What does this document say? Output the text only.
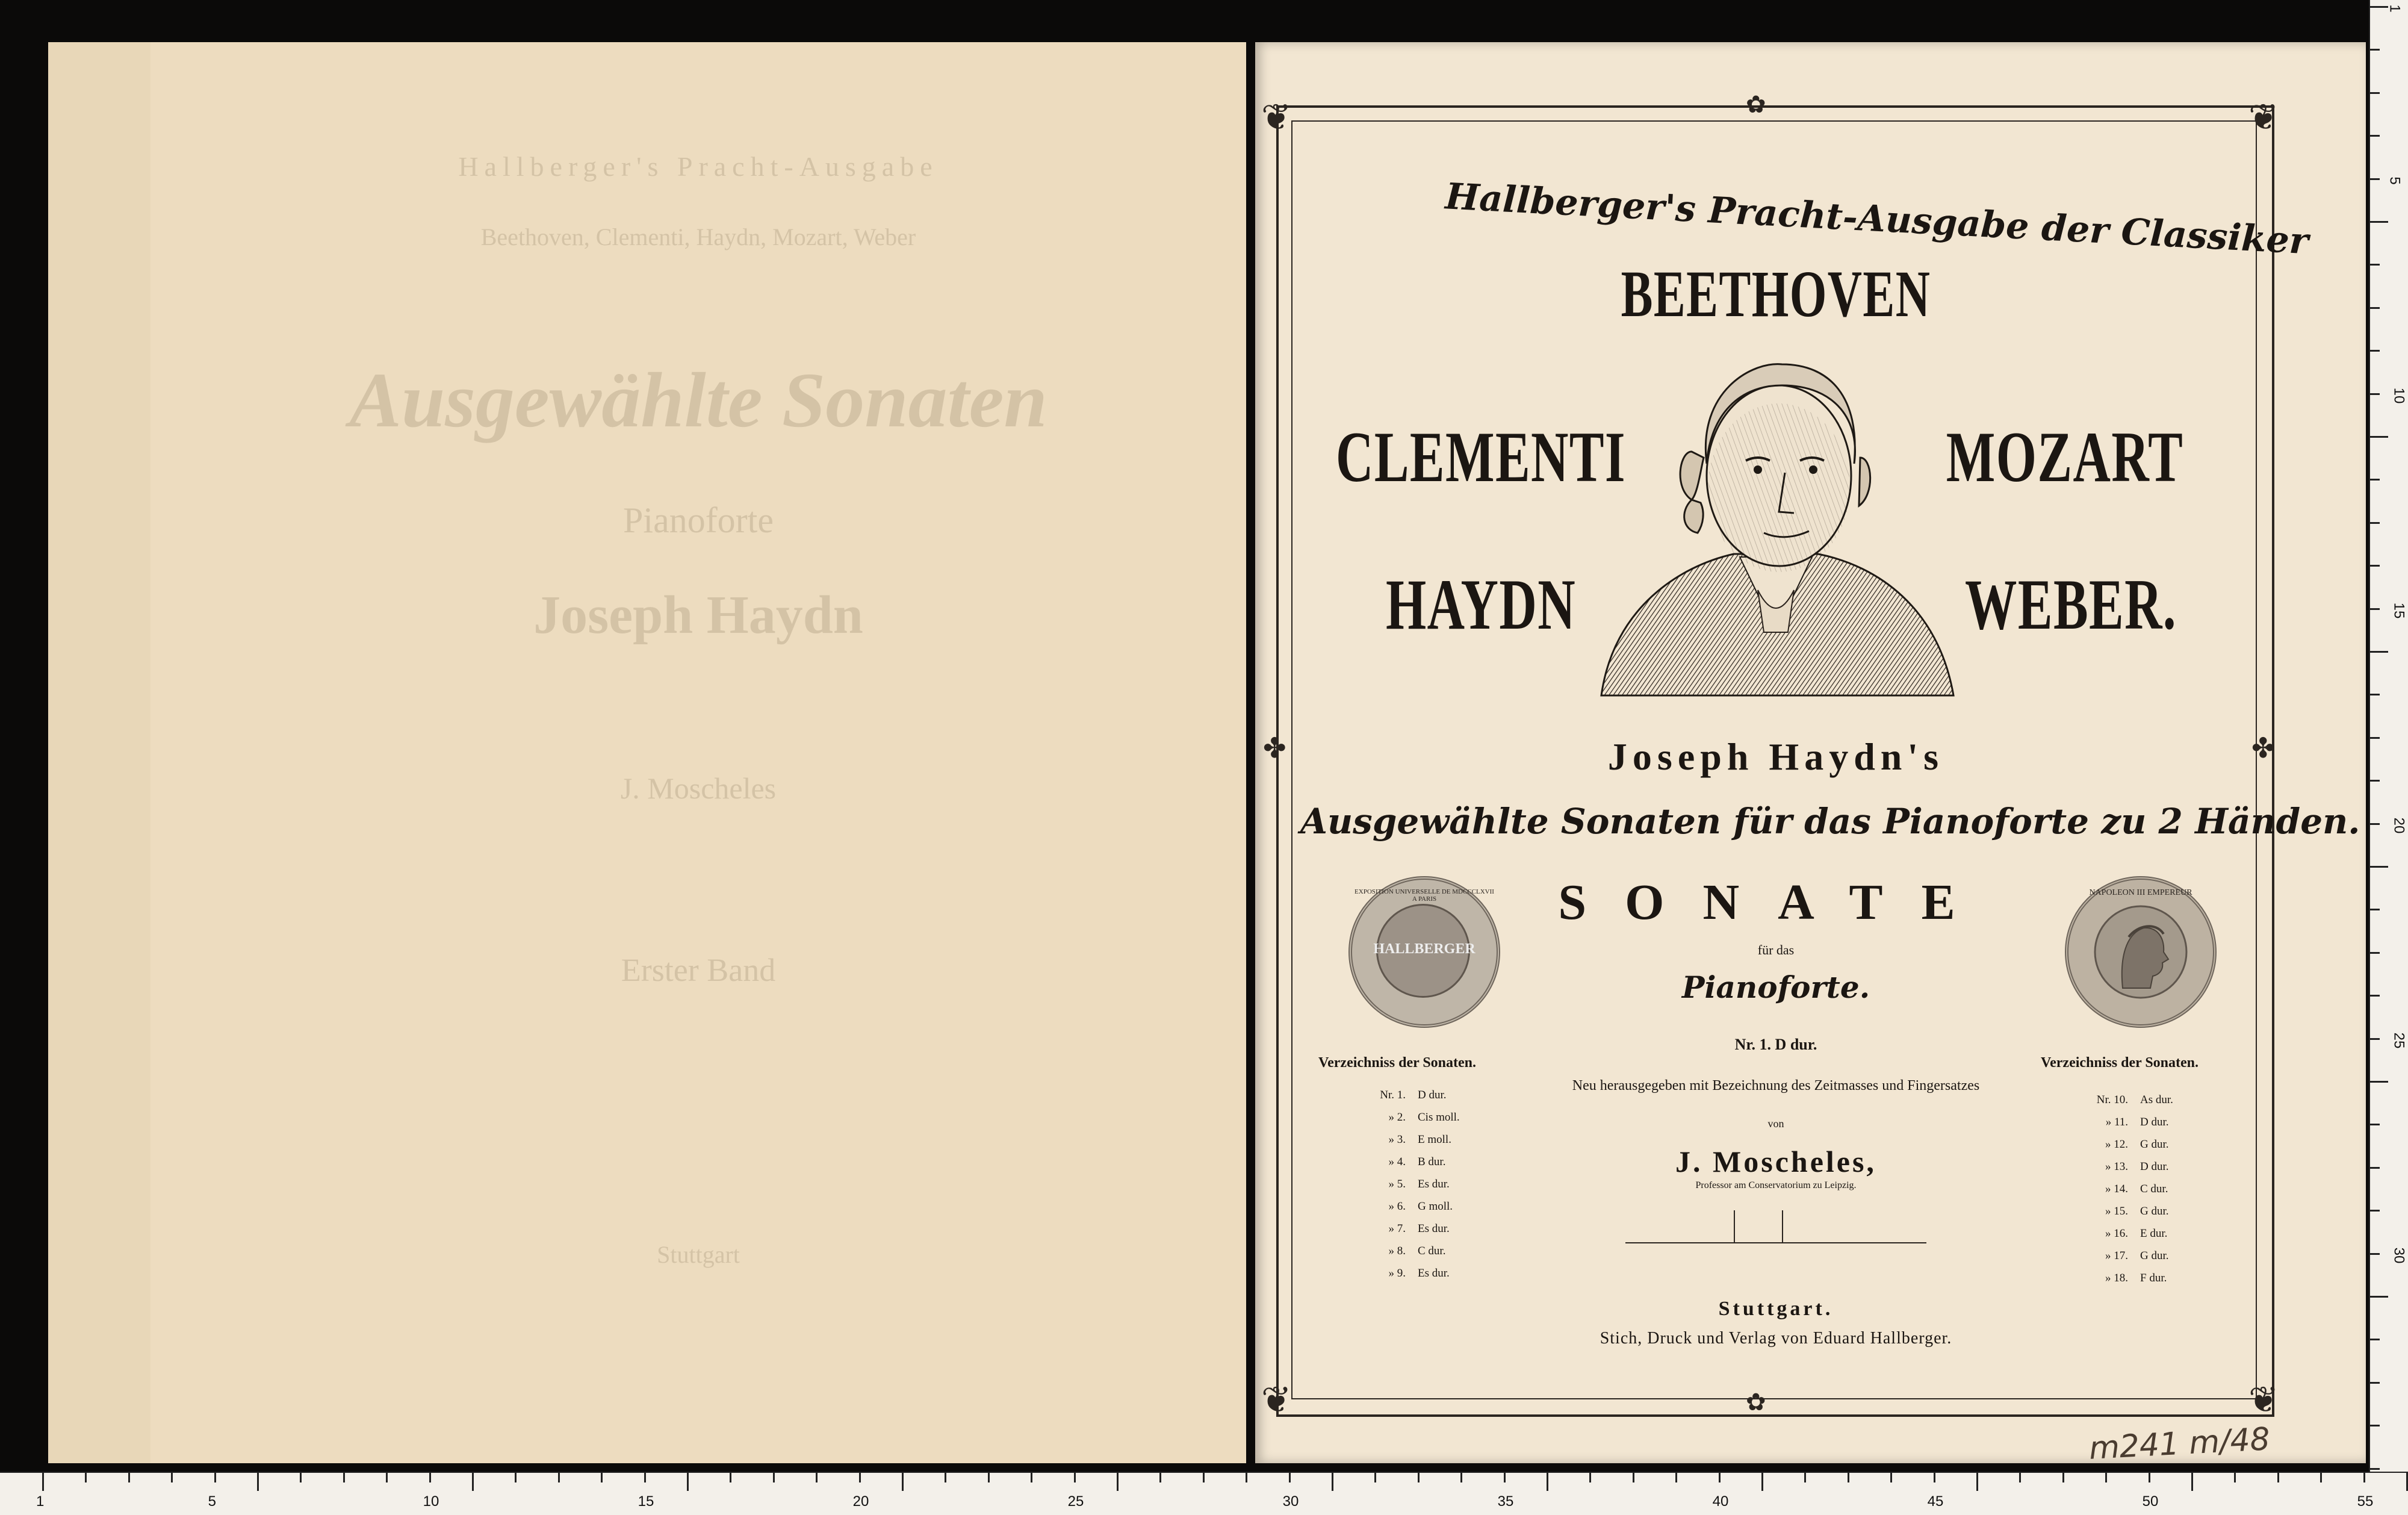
1	5	10	15	20	25	30	35	40	45	50	55
1
5
10
15
20
25
30
Hallberger's Pracht-Ausgabe
Beethoven, Clementi, Haydn, Mozart, Weber
Ausgewählte Sonaten
Pianoforte
Joseph Haydn
J. Moscheles
Erster Band
Stuttgart
❦	❦
❦	❦
✤	✤
✿
✿
Hallberger's Pracht-Ausgabe der Classiker
BEETHOVEN
CLEMENTI	MOZART
HAYDN	WEBER.
Joseph Haydn's
Ausgewählte Sonaten für das Pianoforte zu 2 Händen.
SONATE
für das
Pianoforte.
Nr. 1. D dur.
Neu herausgegeben mit Bezeichnung des Zeitmasses und Fingersatzes
von
J. Moscheles,
Professor am Conservatorium zu Leipzig.
Stuttgart.
Stich, Druck und Verlag von Eduard Hallberger.
HALLBERGER
EXPOSITION UNIVERSELLE DE MDCCCLXVII A PARIS
NAPOLEON III EMPEREUR
Verzeichniss der Sonaten.
Nr. 1. D dur.
» 2. Cis moll.
» 3. E moll.
» 4. B dur.
» 5. Es dur.
» 6. G moll.
» 7. Es dur.
» 8. C dur.
» 9. Es dur.
Verzeichniss der Sonaten.
Nr. 10. As dur.
» 11. D dur.
» 12. G dur.
» 13. D dur.
» 14. C dur.
» 15. G dur.
» 16. E dur.
» 17. G dur.
» 18. F dur.
m241 m/48
